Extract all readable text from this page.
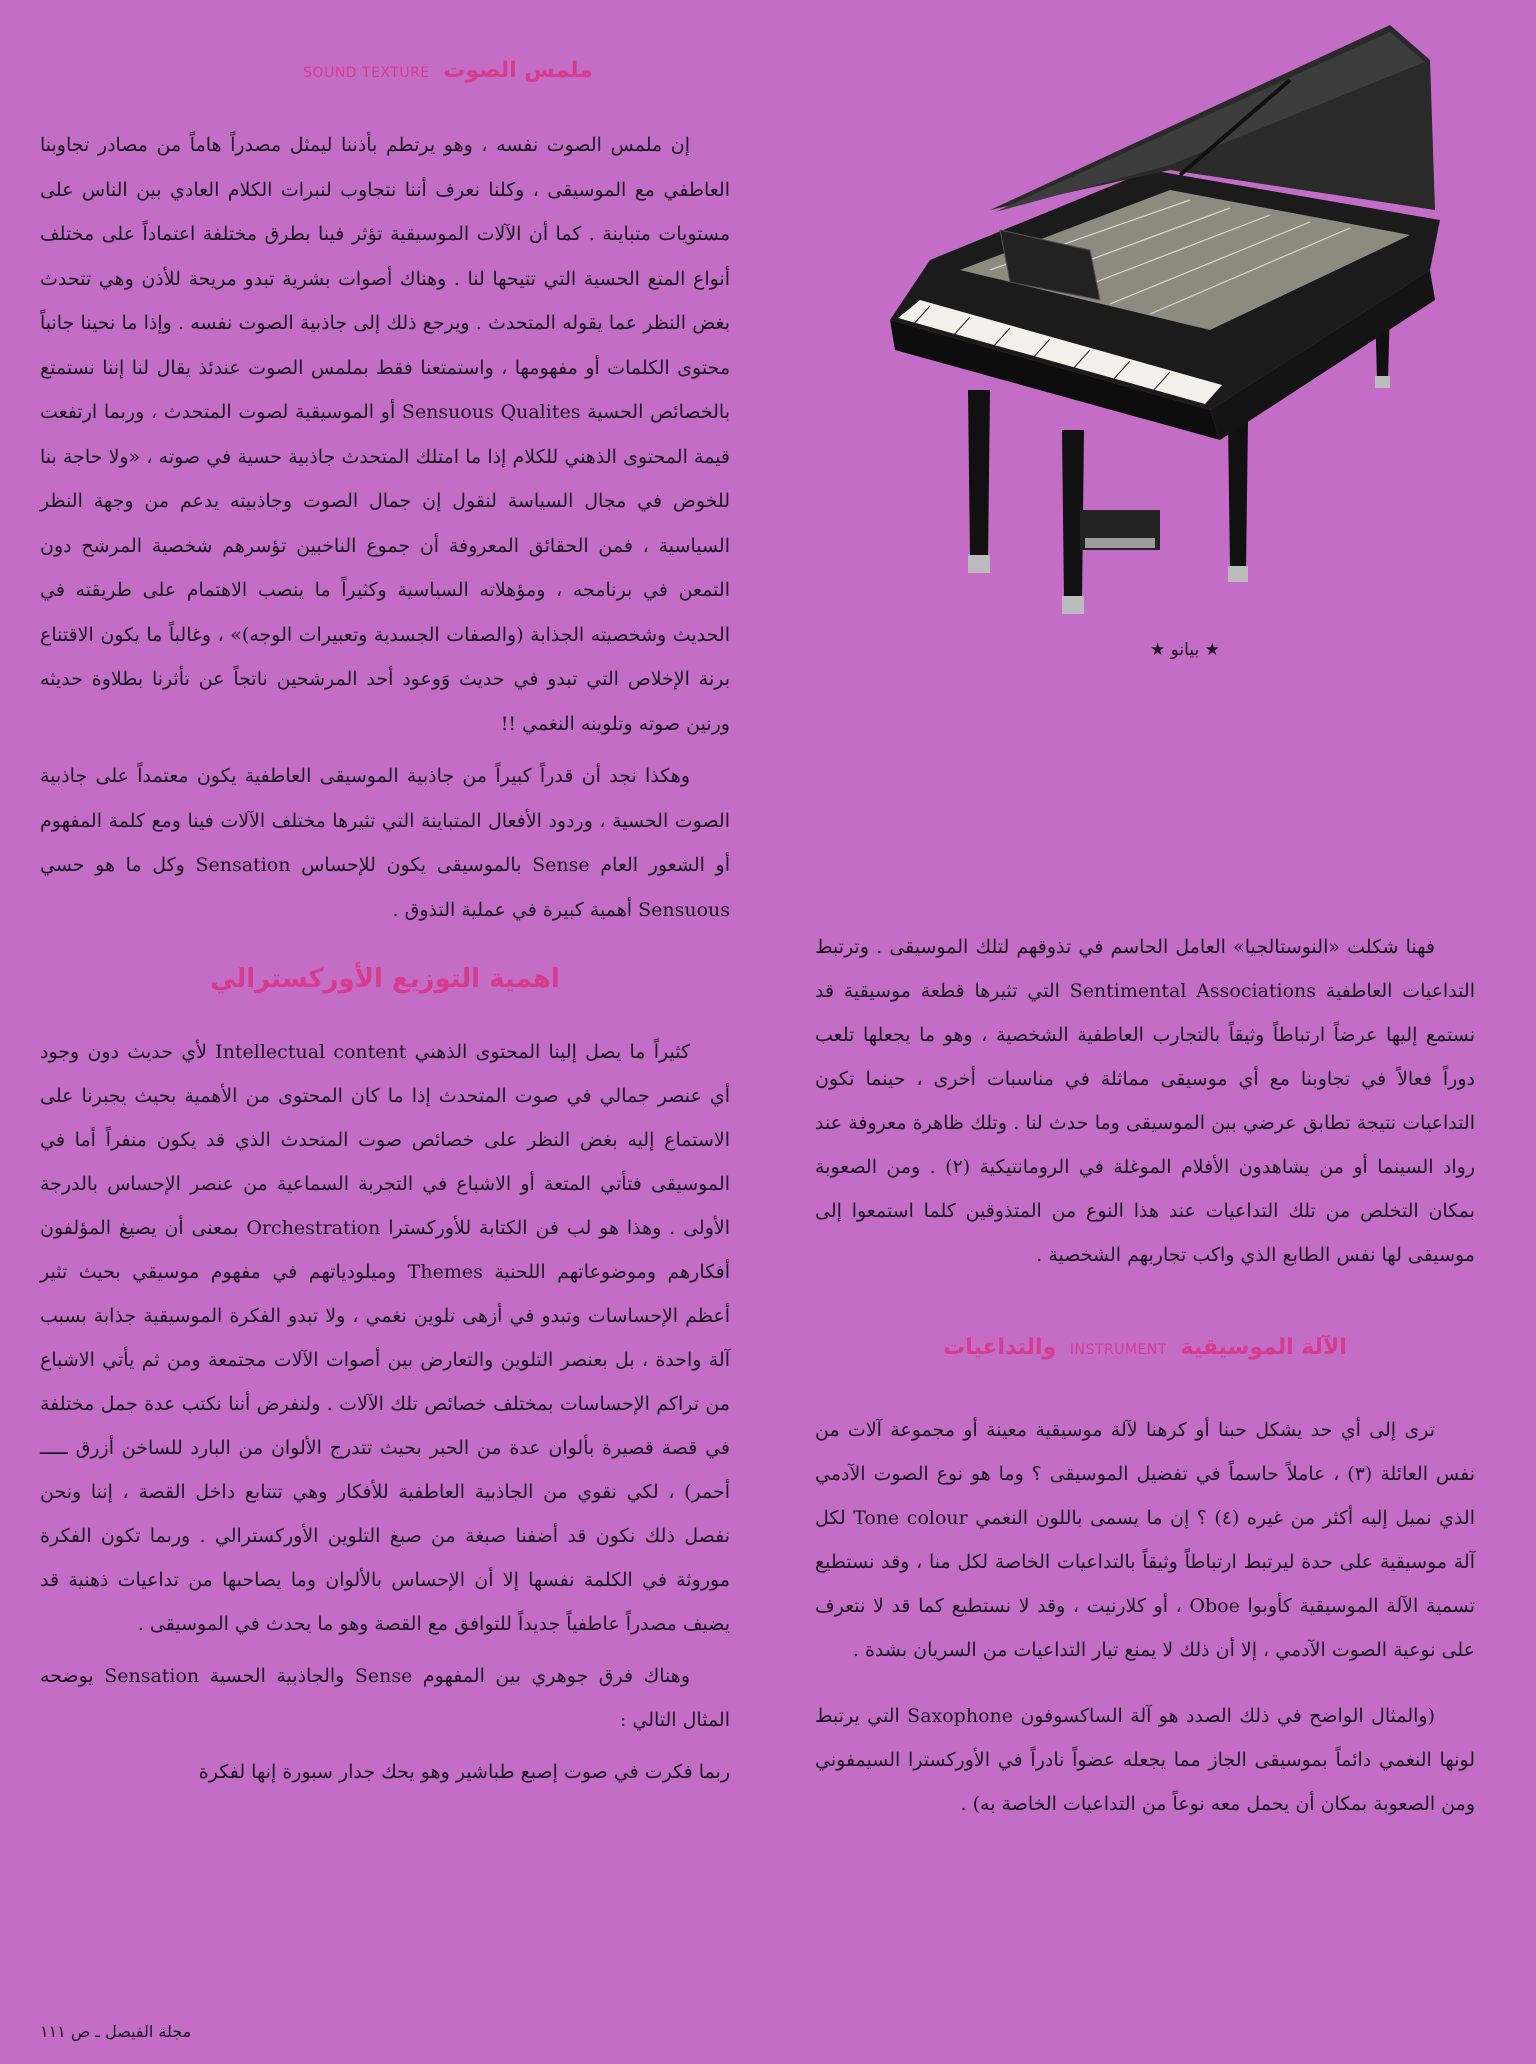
★ بيانو ★
ملمس الصوت SOUND TEXTURE

إن ملمس الصوت نفسه ، وهو يرتطم بأذننا ليمثل مصدراً هاماً من مصادر تجاوبنا العاطفي مع الموسيقى ، وكلنا نعرف أننا نتجاوب لنبرات الكلام العادي بين الناس على مستويات متباينة . كما أن الآلات الموسيقية تؤثر فينا بطرق مختلفة اعتماداً على مختلف أنواع المتع الحسية التي تتيحها لنا . وهناك أصوات بشرية تبدو مريحة للأذن وهي تتحدث بغض النظر عما يقوله المتحدث . ويرجع ذلك إلى جاذبية الصوت نفسه . وإذا ما نحينا جانباً محتوى الكلمات أو مفهومها ، واستمتعنا فقط بملمس الصوت عندئذ يقال لنا إننا نستمتع بالخصائص الحسية Sensuous Qualites أو الموسيقية لصوت المتحدث ، وربما ارتفعت قيمة المحتوى الذهني للكلام إذا ما امتلك المتحدث جاذبية حسية في صوته ، «ولا حاجة بنا للخوض في مجال السياسة لنقول إن جمال الصوت وجاذبيته يدعم من وجهة النظر السياسية ، فمن الحقائق المعروفة أن جموع الناخبين تؤسرهم شخصية المرشح دون التمعن في برنامجه ، ومؤهلاته السياسية وكثيراً ما ينصب الاهتمام على طريقته في الحديث وشخصيته الجذابة (والصفات الجسدية وتعبيرات الوجه)» ، وغالباً ما يكون الاقتناع برنة الإخلاص التي تبدو في حديث وَوعود أحد المرشحين ناتجاً عن تأثرنا بطلاوة حديثه ورنين صوته وتلوينه النغمي !!

وهكذا نجد أن قدراً كبيراً من جاذبية الموسيقى العاطفية يكون معتمداً على جاذبية الصوت الحسية ، وردود الأفعال المتباينة التي تثيرها مختلف الآلات فينا ومع كلمة المفهوم أو الشعور العام Sense بالموسيقى يكون للإحساس Sensation وكل ما هو حسي Sensuous أهمية كبيرة في عملية التذوق .

اهمية التوزيع الأوركسترالي

كثيراً ما يصل إلينا المحتوى الذهني Intellectual content لأي حديث دون وجود أي عنصر جمالي في صوت المتحدث إذا ما كان المحتوى من الأهمية بحيث يجبرنا على الاستماع إليه بغض النظر على خصائص صوت المتحدث الذي قد يكون منفراً أما في الموسيقى فتأتي المتعة أو الاشباع في التجربة السماعية من عنصر الإحساس بالدرجة الأولى . وهذا هو لب فن الكتابة للأوركسترا Orchestration بمعنى أن يصيغ المؤلفون أفكارهم وموضوعاتهم اللحنية Themes وميلودياتهم في مفهوم موسيقي بحيث تثير أعظم الإحساسات وتبدو في أزهى تلوين نغمي ، ولا تبدو الفكرة الموسيقية جذابة بسبب آلة واحدة ، بل بعنصر التلوين والتعارض بين أصوات الآلات مجتمعة ومن ثم يأتي الاشباع من تراكم الإحساسات بمختلف خصائص تلك الآلات . ولنفرض أننا نكتب عدة جمل مختلفة في قصة قصيرة بألوان عدة من الحبر بحيث تتدرج الألوان من البارد للساخن أزرق ـــــ أحمر) ، لكي نقوي من الجاذبية العاطفية للأفكار وهي تتتابع داخل القصة ، إننا ونحن نفصل ذلك نكون قد أضفنا صبغة من صبغ التلوين الأوركسترالي . وربما تكون الفكرة موروثة في الكلمة نفسها إلا أن الإحساس بالألوان وما يصاحبها من تداعيات ذهنية قد يضيف مصدراً عاطفياً جديداً للتوافق مع القصة وهو ما يحدث في الموسيقى .

وهناك فرق جوهري بين المفهوم Sense والجاذبية الحسية Sensation يوضحه المثال التالي :

ربما فكرت في صوت إصبع طباشير وهو يحك جدار سبورة إنها لفكرة

فهنا شكلت «النوستالجيا» العامل الحاسم في تذوقهم لتلك الموسيقى . وترتبط التداعيات العاطفية Sentimental Associations التي تثيرها قطعة موسيقية قد نستمع إليها عرضاً ارتباطاً وثيقاً بالتجارب العاطفية الشخصية ، وهو ما يجعلها تلعب دوراً فعالاً في تجاوبنا مع أي موسيقى مماثلة في مناسبات أخرى ، حينما تكون التداعيات نتيجة تطابق عرضي بين الموسيقى وما حدث لنا . وتلك ظاهرة معروفة عند رواد السينما أو من يشاهدون الأفلام الموغلة في الرومانتيكية (٢) . ومن الصعوبة بمكان التخلص من تلك التداعيات عند هذا النوع من المتذوقين كلما استمعوا إلى موسيقى لها نفس الطابع الذي واكب تجاربهم الشخصية .

الآلة الموسيقية INSTRUMENT والتداعيات

ترى إلى أي حد يشكل حبنا أو كرهنا لآلة موسيقية معينة أو مجموعة آلات من نفس العائلة (٣) ، عاملاً حاسماً في تفضيل الموسيقى ؟ وما هو نوع الصوت الآدمي الذي نميل إليه أكثر من غيره (٤) ؟ إن ما يسمى باللون النغمي Tone colour لكل آلة موسيقية على حدة ليرتبط ارتباطاً وثيقاً بالتداعيات الخاصة لكل منا ، وقد نستطيع تسمية الآلة الموسيقية كأوبوا Oboe ، أو كلارنيت ، وقد لا نستطيع كما قد لا نتعرف على نوعية الصوت الآدمي ، إلا أن ذلك لا يمنع تيار التداعيات من السريان بشدة .

(والمثال الواضح في ذلك الصدد هو آلة الساكسوفون Saxophone التي يرتبط لونها النغمي دائماً بموسيقى الجاز مما يجعله عضواً نادراً في الأوركسترا السيمفوني ومن الصعوبة بمكان أن يحمل معه نوعاً من التداعيات الخاصة به) .

مجلة الفيصل ـ ص ١١١
